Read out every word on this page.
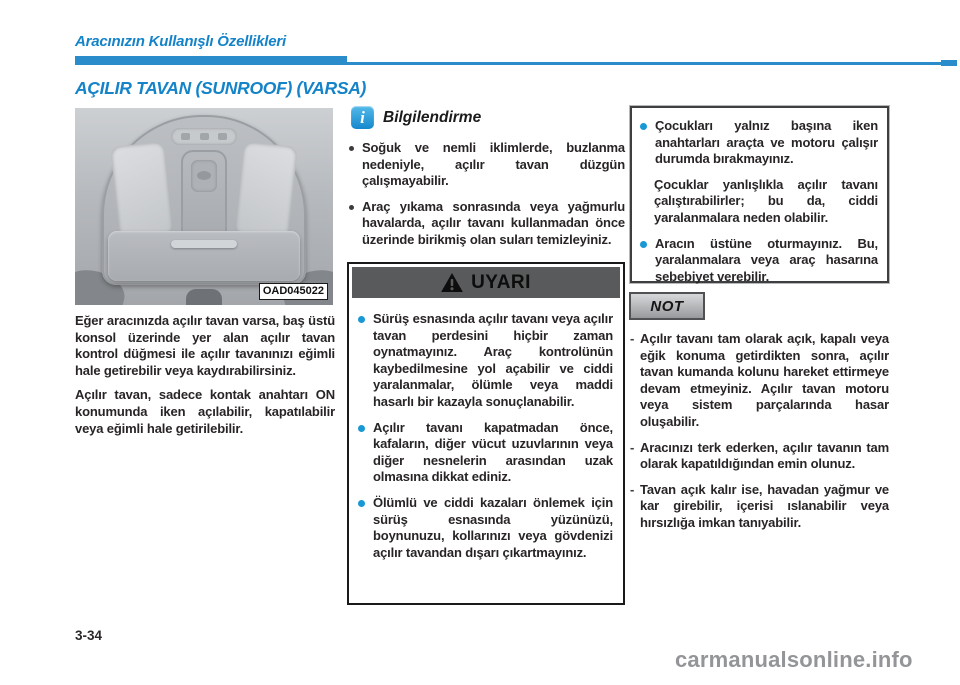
Aracınızın Kullanışlı Özellikleri
AÇILIR TAVAN (SUNROOF) (VARSA)
OAD045022

Eğer aracınızda açılır tavan varsa, baş üstü konsol üzerinde yer alan açılır tavan kontrol düğmesi ile açılır tavanınızı eğimli hale getirebilir veya kaydırabilirsiniz.

Açılır tavan, sadece kontak anahtarı ON konumunda iken açılabilir, kapatılabilir veya eğimli hale getirilebilir.

i	Bilgilendirme
Soğuk ve nemli iklimlerde, buzlanma nedeniyle, açılır tavan düzgün çalışmayabilir.
Araç yıkama sonrasında veya yağmurlu havalarda, açılır tavanı kullanmadan önce üzerinde birikmiş olan suları temizleyiniz.
UYARI
Sürüş esnasında açılır tavanı veya açılır tavan perdesini hiçbir zaman oynatmayınız. Araç kontrolünün kaybedilmesine yol açabilir ve ciddi yaralanmalar, ölümle veya maddi hasarlı bir kazayla sonuçlanabilir.
Açılır tavanı kapatmadan önce, kafaların, diğer vücut uzuvlarının veya diğer nesnelerin arasından uzak olmasına dikkat ediniz.
Ölümlü ve ciddi kazaları önlemek için sürüş esnasında yüzünüzü, boynunuzu, kollarınızı veya gövdenizi açılır tavandan dışarı çıkartmayınız.
Çocukları yalnız başına iken anahtarları araçta ve motoru çalışır durumda bırakmayınız.

Çocuklar yanlışlıkla açılır tavanı çalıştırabilirler; bu da, ciddi yaralanmalara neden olabilir.

Aracın üstüne oturmayınız. Bu, yaralanmalara veya araç hasarına sebebiyet verebilir.
NOT
- Açılır tavanı tam olarak açık, kapalı veya eğik konuma getirdikten sonra, açılır tavan kumanda kolunu hareket ettirmeye devam etmeyiniz. Açılır tavan motoru veya sistem parçalarında hasar oluşabilir.
- Aracınızı terk ederken, açılır tavanın tam olarak kapatıldığından emin olunuz.
- Tavan açık kalır ise, havadan yağmur ve kar girebilir, içerisi ıslanabilir veya hırsızlığa imkan tanıyabilir.
3-34
carmanualsonline.info
